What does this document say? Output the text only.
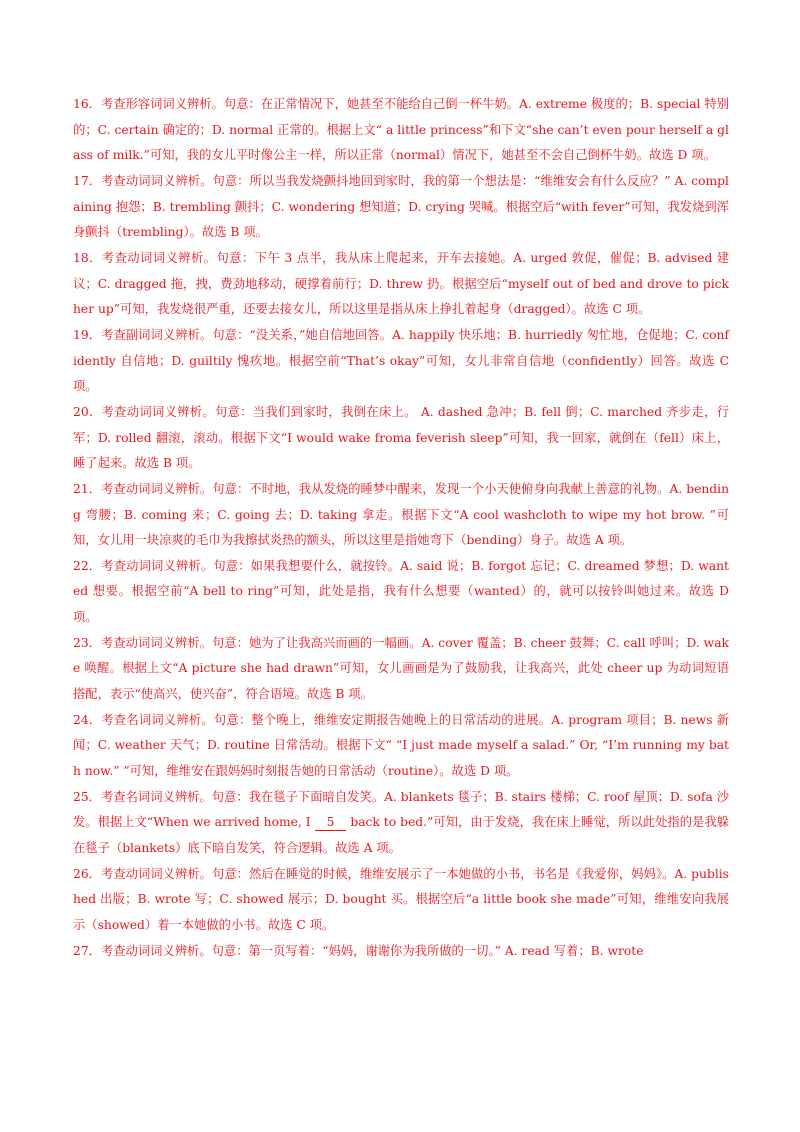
16．考查形容词词义辨析。句意：在正常情况下，她甚至不能给自己倒一杯牛奶。A. extreme 极度的；B. special 特别的；C. certain 确定的；D. normal 正常的。根据上文“ a little princess”和下文“she can’t even pour herself a glass of milk.”可知，我的女儿平时像公主一样，所以正常（normal）情况下，她甚至不会自己倒杯牛奶。故选 D 项。

17．考查动词词义辨析。句意：所以当我发烧颤抖地回到家时，我的第一个想法是：“维维安会有什么反应？” A. complaining 抱怨；B. trembling 颤抖；C. wondering 想知道；D. crying 哭喊。根据空后“with fever”可知，我发烧到浑身颤抖（trembling）。故选 B 项。

18．考查动词词义辨析。句意：下午 3 点半，我从床上爬起来，开车去接她。A. urged 敦促，催促；B. advised 建议；C. dragged 拖，拽，费劲地移动，硬撑着前行；D. threw 扔。根据空后“myself out of bed and drove to pick her up”可知，我发烧很严重，还要去接女儿，所以这里是指从床上挣扎着起身（dragged）。故选 C 项。

19．考查副词词义辨析。句意：“没关系，”她自信地回答。A. happily 快乐地；B. hurriedly 匆忙地，仓促地；C. confidently 自信地；D. guiltily 愧疚地。根据空前“That’s okay”可知，女儿非常自信地（confidently）回答。故选 C 项。

20．考查动词词义辨析。句意：当我们到家时，我倒在床上。 A. dashed 急冲；B. fell 倒；C. marched 齐步走，行军；D. rolled 翻滚，滚动。根据下文“I would wake froma feverish sleep”可知，我一回家，就倒在（fell）床上，睡了起来。故选 B 项。

21．考查动词词义辨析。句意：不时地，我从发烧的睡梦中醒来，发现一个小天使俯身向我献上善意的礼物。A. bending 弯腰；B. coming 来；C. going 去；D. taking 拿走。根据下文“A cool washcloth to wipe my hot brow. ”可知，女儿用一块凉爽的毛巾为我擦拭炎热的额头，所以这里是指她弯下（bending）身子。故选 A 项。

22．考查动词词义辨析。句意：如果我想要什么，就按铃。A. said 说；B. forgot 忘记；C. dreamed 梦想；D. wanted 想要。根据空前“A bell to ring”可知，此处是指，我有什么想要（wanted）的，就可以按铃叫她过来。故选 D 项。

23．考查动词词义辨析。句意：她为了让我高兴而画的一幅画。A. cover 覆盖；B. cheer 鼓舞；C. call 呼叫；D. wake 唤醒。根据上文“A picture she had drawn”可知，女儿画画是为了鼓励我，让我高兴，此处 cheer up 为动词短语搭配，表示“使高兴，使兴奋”，符合语境。故选 B 项。

24．考查名词词义辨析。句意：整个晚上，维维安定期报告她晚上的日常活动的进展。A. program 项目；B. news 新闻；C. weather 天气；D. routine 日常活动。根据下文“ “I just made myself a salad.” Or, “I’m running my bath now.” ”可知，维维安在跟妈妈时刻报告她的日常活动（routine）。故选 D 项。

25．考查名词词义辨析。句意：我在毯子下面暗自发笑。A. blankets 毯子；B. stairs 楼梯；C. roof 屋顶；D. sofa 沙发。根据上文“When we arrived home, I 5 back to bed.”可知，由于发烧，我在床上睡觉，所以此处指的是我躲在毯子（blankets）底下暗自发笑，符合逻辑。故选 A 项。

26．考查动词词义辨析。句意：然后在睡觉的时候，维维安展示了一本她做的小书，书名是《我爱你，妈妈》。A. published 出版；B. wrote 写；C. showed 展示；D. bought 买。根据空后“a little book she made”可知，维维安向我展示（showed）着一本她做的小书。故选 C 项。

27．考查动词词义辨析。句意：第一页写着：“妈妈，谢谢你为我所做的一切。” A. read 写着；B. wrote
